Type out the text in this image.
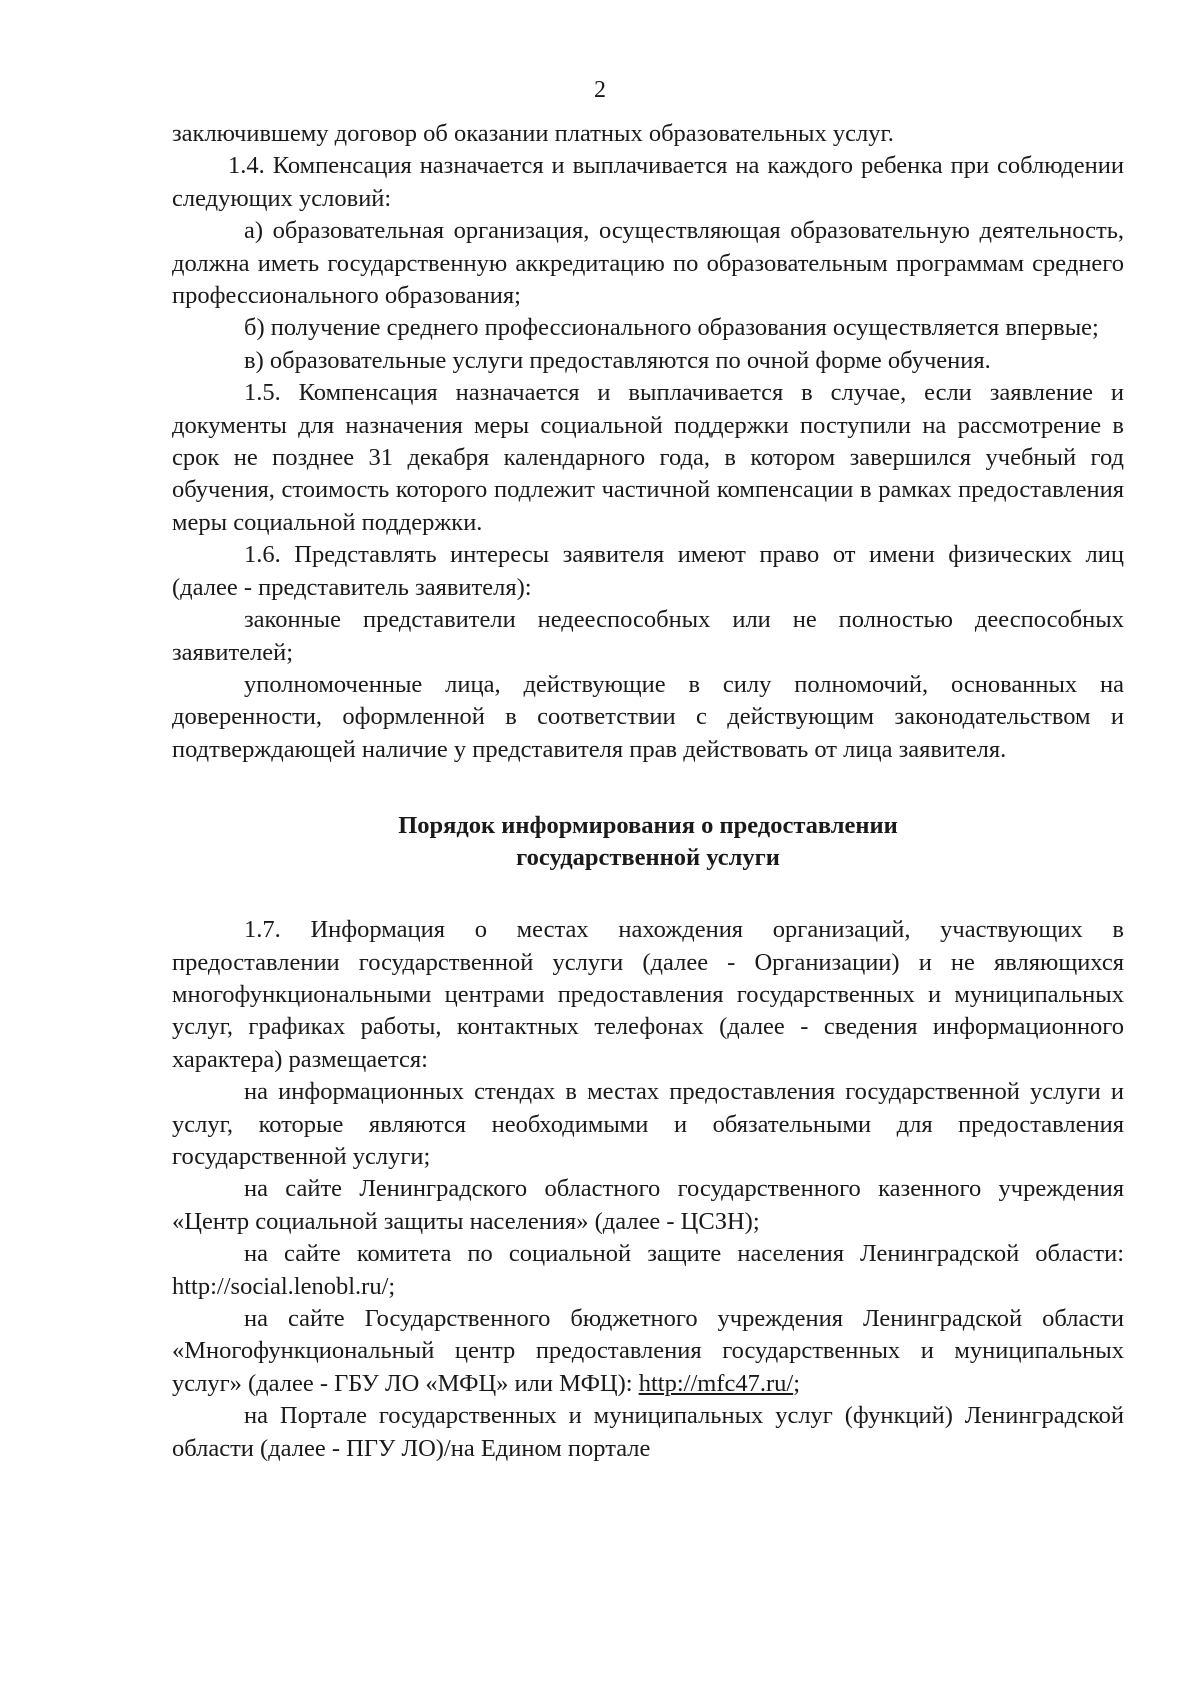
2

заключившему договор об оказании платных образовательных услуг.

1.4. Компенсация назначается и выплачивается на каждого ребенка при соблюдении следующих условий:

а) образовательная организация, осуществляющая образовательную деятельность, должна иметь государственную аккредитацию по образовательным программам среднего профессионального образования;

б) получение среднего профессионального образования осуществляется впервые;

в) образовательные услуги предоставляются по очной форме обучения.

1.5. Компенсация назначается и выплачивается в случае, если заявление и документы для назначения меры социальной поддержки поступили на рассмотрение в срок не позднее 31 декабря календарного года, в котором завершился учебный год обучения, стоимость которого подлежит частичной компенсации в рамках предоставления меры социальной поддержки.

1.6. Представлять интересы заявителя имеют право от имени физических лиц (далее - представитель заявителя):

законные представители недееспособных или не полностью дееспособных заявителей;

уполномоченные лица, действующие в силу полномочий, основанных на доверенности, оформленной в соответствии с действующим законодательством и подтверждающей наличие у представителя прав действовать от лица заявителя.

Порядок информирования о предоставлении
государственной услуги

1.7. Информация о местах нахождения организаций, участвующих в предоставлении государственной услуги (далее - Организации) и не являющихся многофункциональными центрами предоставления государственных и муниципальных услуг, графиках работы, контактных телефонах (далее - сведения информационного характера) размещается:

на информационных стендах в местах предоставления государственной услуги и услуг, которые являются необходимыми и обязательными для предоставления государственной услуги;

на сайте Ленинградского областного государственного казенного учреждения «Центр социальной защиты населения» (далее - ЦСЗН);

на сайте комитета по социальной защите населения Ленинградской области: http://social.lenobl.ru/;

на сайте Государственного бюджетного учреждения Ленинградской области «Многофункциональный центр предоставления государственных и муниципальных услуг» (далее - ГБУ ЛО «МФЦ» или МФЦ): http://mfc47.ru/;

на Портале государственных и муниципальных услуг (функций) Ленинградской области (далее - ПГУ ЛО)/на Едином портале
